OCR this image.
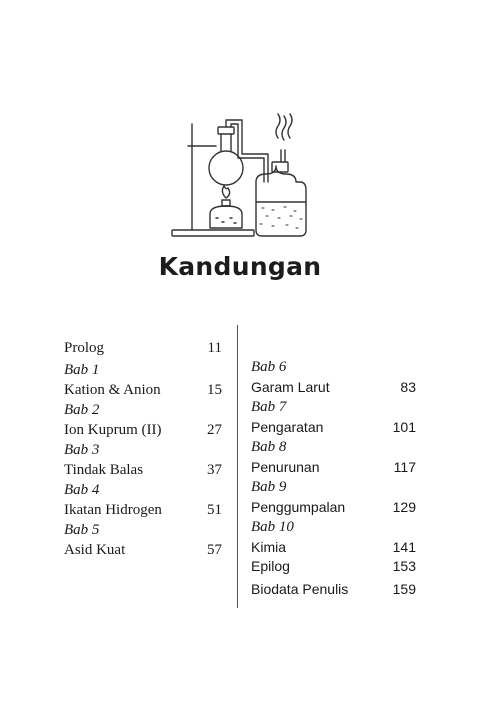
Kandungan
Prolog	11
Bab 1
Kation & Anion	15
Bab 2
Ion Kuprum (II)	27
Bab 3
Tindak Balas	37
Bab 4
Ikatan Hidrogen	51
Bab 5
Asid Kuat	57
Bab 6
Garam Larut	83
Bab 7
Pengaratan	101
Bab 8
Penurunan	117
Bab 9
Penggumpalan	129
Bab 10
Kimia	141
Epilog	153
Biodata Penulis	159
